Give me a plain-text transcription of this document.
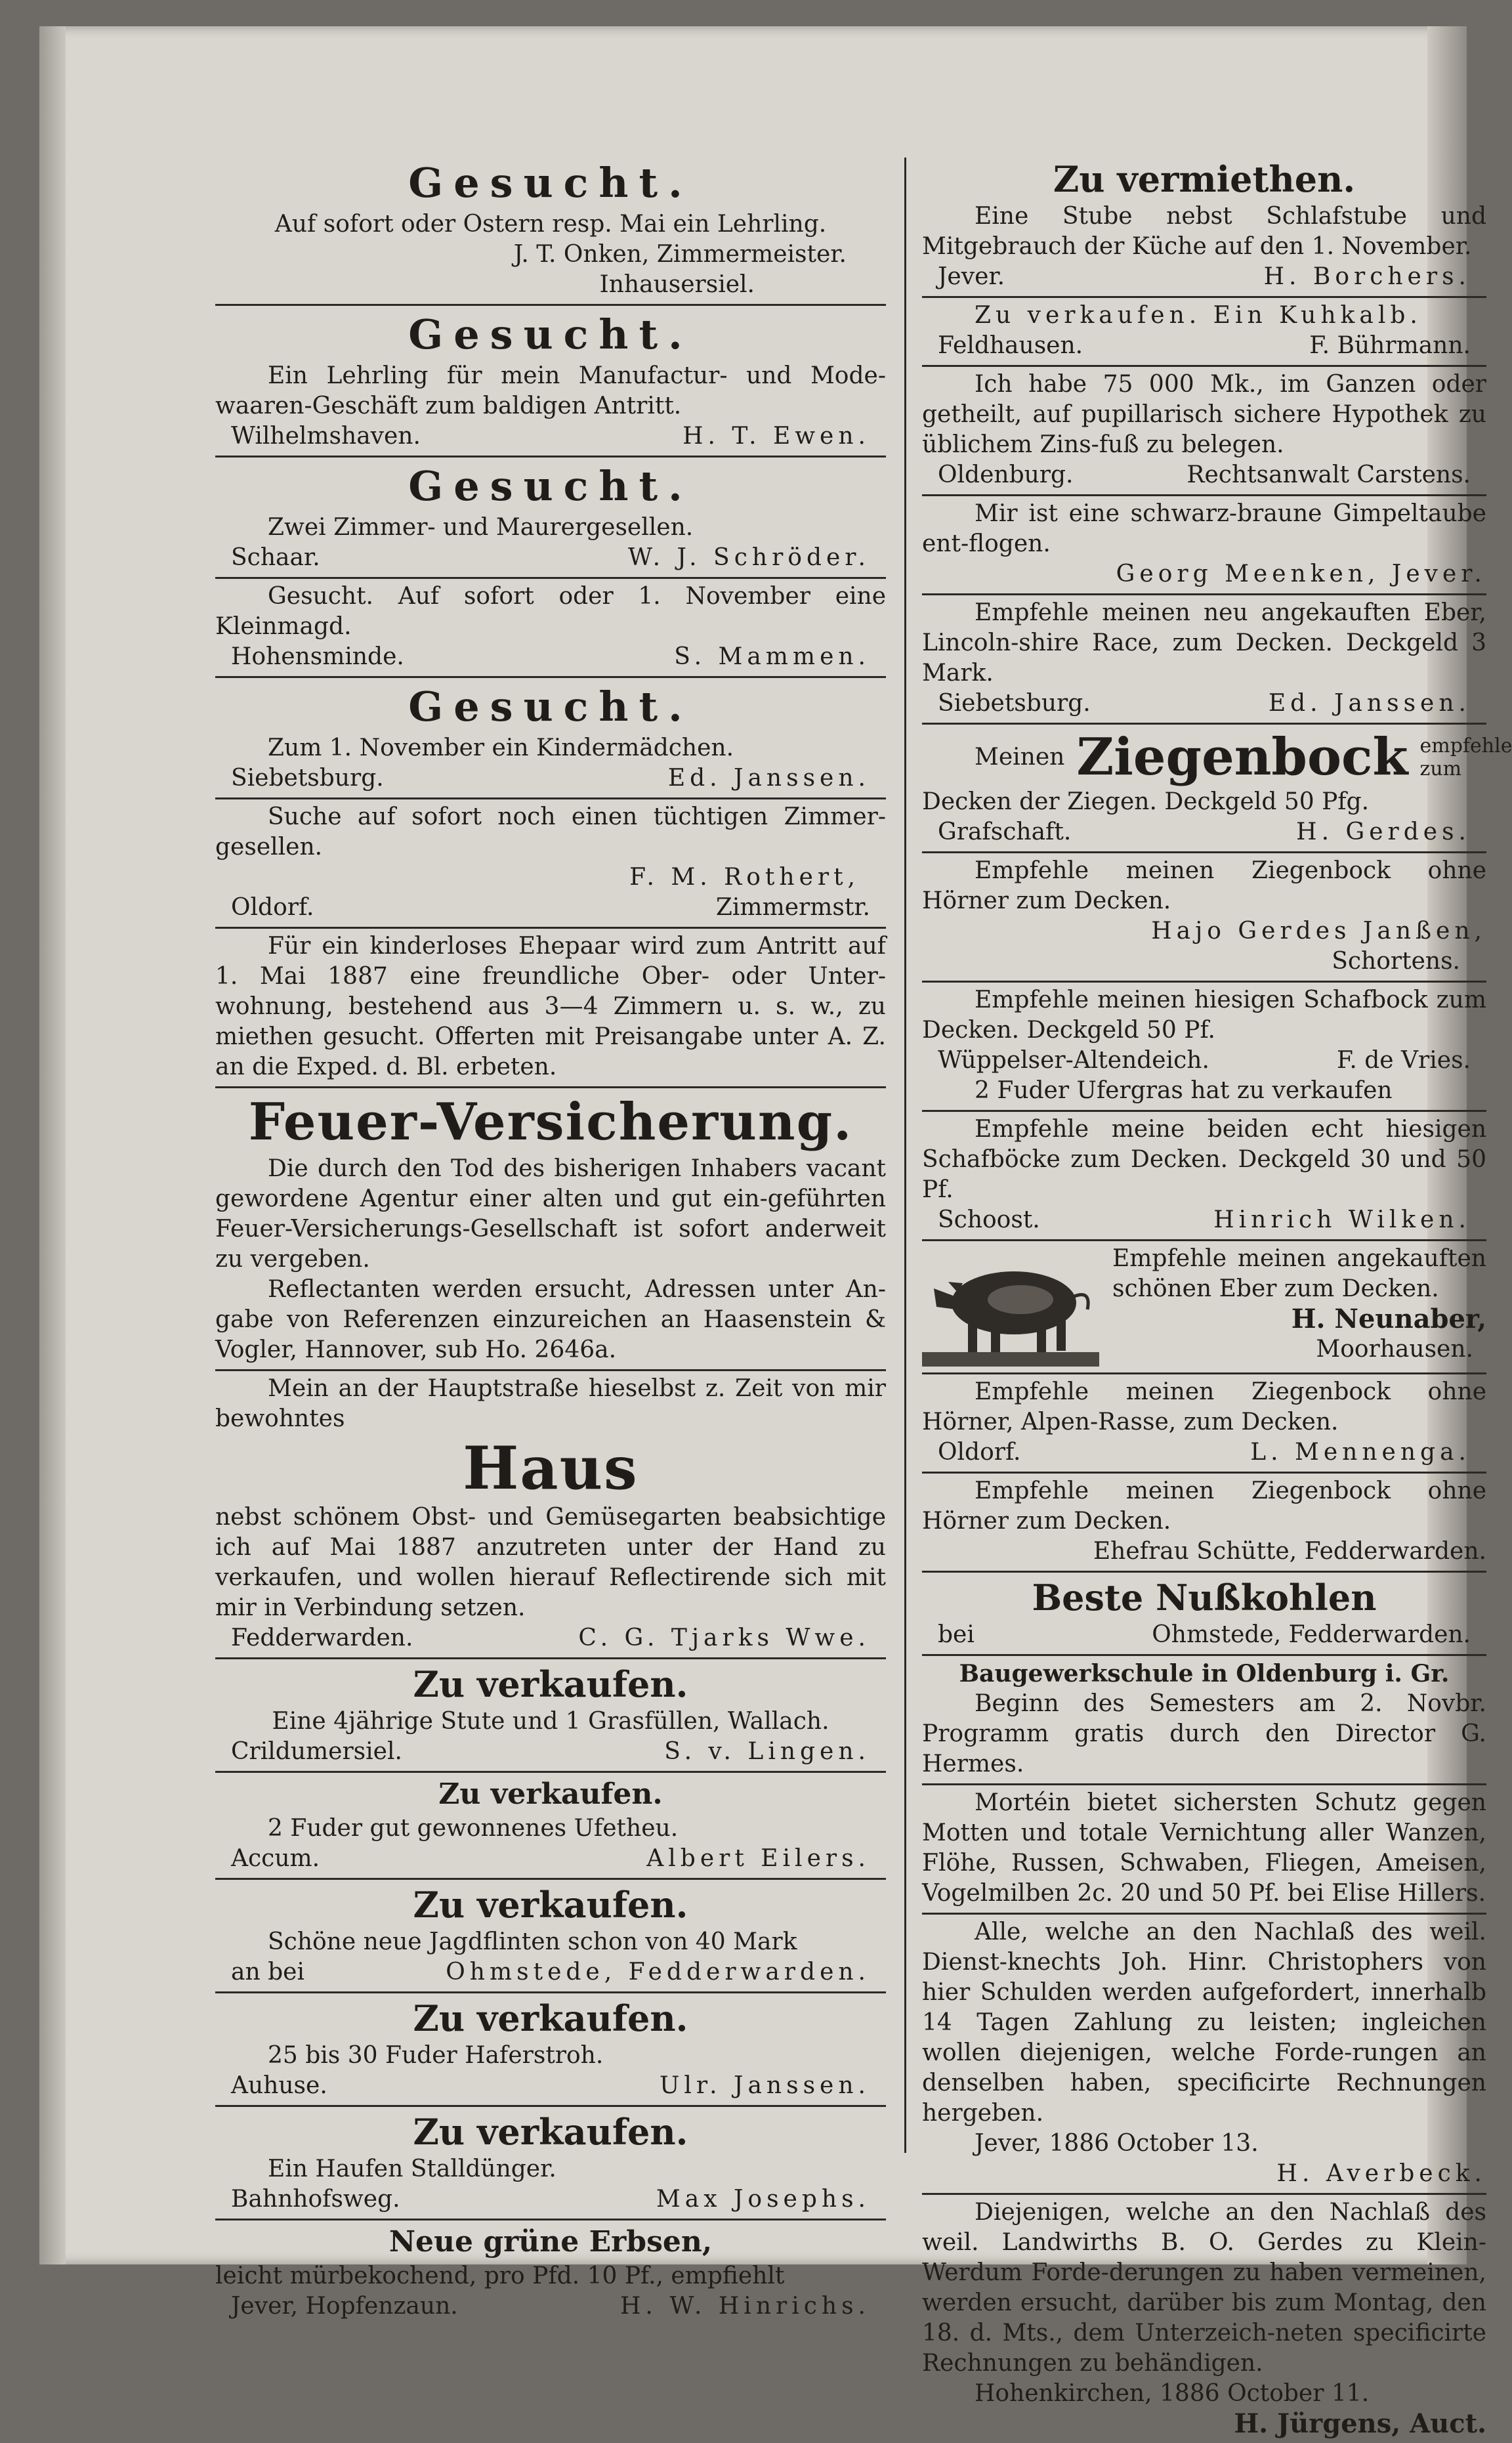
Gesucht.

Auf sofort oder Ostern resp. Mai ein Lehrling.

J. T. Onken, Zimmermeister.

Inhausersiel.

Gesucht.

Ein Lehrling für mein Manufactur- und Mode-waaren-Geschäft zum baldigen Antritt.

Wilhelmshaven.	H. T. Ewen.
Gesucht.

Zwei Zimmer- und Maurergesellen.

Schaar.	W. J. Schröder.

Gesucht. Auf sofort oder 1. November eine Kleinmagd.

Hohensminde.	S. Mammen.
Gesucht.

Zum 1. November ein Kindermädchen.

Siebetsburg.	Ed. Janssen.

Suche auf sofort noch einen tüchtigen Zimmer-gesellen.

F. M. Rothert,

Oldorf.	Zimmermstr.

Für ein kinderloses Ehepaar wird zum Antritt auf 1. Mai 1887 eine freundliche Ober- oder Unter-wohnung, bestehend aus 3—4 Zimmern u. s. w., zu miethen gesucht. Offerten mit Preisangabe unter A. Z. an die Exped. d. Bl. erbeten.

Feuer-Versicherung.

Die durch den Tod des bisherigen Inhabers vacant gewordene Agentur einer alten und gut ein-geführten Feuer-Versicherungs-Gesellschaft ist sofort anderweit zu vergeben.

Reflectanten werden ersucht, Adressen unter An-gabe von Referenzen einzureichen an Haasenstein & Vogler, Hannover, sub Ho. 2646a.

Mein an der Hauptstraße hieselbst z. Zeit von mir bewohntes

Haus

nebst schönem Obst- und Gemüsegarten beabsichtige ich auf Mai 1887 anzutreten unter der Hand zu verkaufen, und wollen hierauf Reflectirende sich mit mir in Verbindung setzen.

Fedderwarden.	C. G. Tjarks Wwe.
Zu verkaufen.

Eine 4jährige Stute und 1 Grasfüllen, Wallach.

Crildumersiel.	S. v. Lingen.
Zu verkaufen.

2 Fuder gut gewonnenes Ufetheu.

Accum.	Albert Eilers.
Zu verkaufen.

Schöne neue Jagdflinten schon von 40 Mark

an bei	Ohmstede, Fedderwarden.
Zu verkaufen.

25 bis 30 Fuder Haferstroh.

Auhuse.	Ulr. Janssen.
Zu verkaufen.

Ein Haufen Stalldünger.

Bahnhofsweg.	Max Josephs.
Neue grüne Erbsen,

leicht mürbekochend, pro Pfd. 10 Pf., empfiehlt

Jever, Hopfenzaun.	H. W. Hinrichs.
Zu vermiethen.

Eine Stube nebst Schlafstube und Mitgebrauch der Küche auf den 1. November.

Jever.	H. Borchers.

Zu verkaufen. Ein Kuhkalb.

Feldhausen.	F. Bührmann.

Ich habe 75 000 Mk., im Ganzen oder getheilt, auf pupillarisch sichere Hypothek zu üblichem Zins-fuß zu belegen.

Oldenburg.	Rechtsanwalt Carstens.

Mir ist eine schwarz-braune Gimpeltaube ent-flogen.

Georg Meenken, Jever.

Empfehle meinen neu angekauften Eber, Lincoln-shire Race, zum Decken. Deckgeld 3 Mark.

Siebetsburg.	Ed. Janssen.
Meinen Ziegenbock empfehle zum

Decken der Ziegen. Deckgeld 50 Pfg.

Grafschaft.	H. Gerdes.

Empfehle meinen Ziegenbock ohne Hörner zum Decken.

Hajo Gerdes Janßen,

Schortens.

Empfehle meinen hiesigen Schafbock zum Decken. Deckgeld 50 Pf.

Wüppelser-Altendeich.	F. de Vries.

2 Fuder Ufergras hat zu verkaufen

Empfehle meine beiden echt hiesigen Schafböcke zum Decken. Deckgeld 30 und 50 Pf.

Schoost.	Hinrich Wilken.

Empfehle meinen angekauften schönen Eber zum Decken.

H. Neunaber,

Moorhausen.

Empfehle meinen Ziegenbock ohne Hörner, Alpen-Rasse, zum Decken.

Oldorf.	L. Mennenga.

Empfehle meinen Ziegenbock ohne Hörner zum Decken.

Ehefrau Schütte, Fedderwarden.

Beste Nußkohlen
bei	Ohmstede, Fedderwarden.

Baugewerkschule in Oldenburg i. Gr.

Beginn des Semesters am 2. Novbr. Programm gratis durch den Director G. Hermes.

Mortéin bietet sichersten Schutz gegen Motten und totale Vernichtung aller Wanzen, Flöhe, Russen, Schwaben, Fliegen, Ameisen, Vogelmilben 2c. 20 und 50 Pf. bei Elise Hillers.

Alle, welche an den Nachlaß des weil. Dienst-knechts Joh. Hinr. Christophers von hier Schulden werden aufgefordert, innerhalb 14 Tagen Zahlung zu leisten; ingleichen wollen diejenigen, welche Forde-rungen an denselben haben, specificirte Rechnungen hergeben.

Jever, 1886 October 13.

H. Averbeck.

Diejenigen, welche an den Nachlaß des weil. Landwirths B. O. Gerdes zu Klein-Werdum Forde-derungen zu haben vermeinen, werden ersucht, darüber bis zum Montag, den 18. d. Mts., dem Unterzeich-neten specificirte Rechnungen zu behändigen.

Hohenkirchen, 1886 October 11.

H. Jürgens, Auct.
